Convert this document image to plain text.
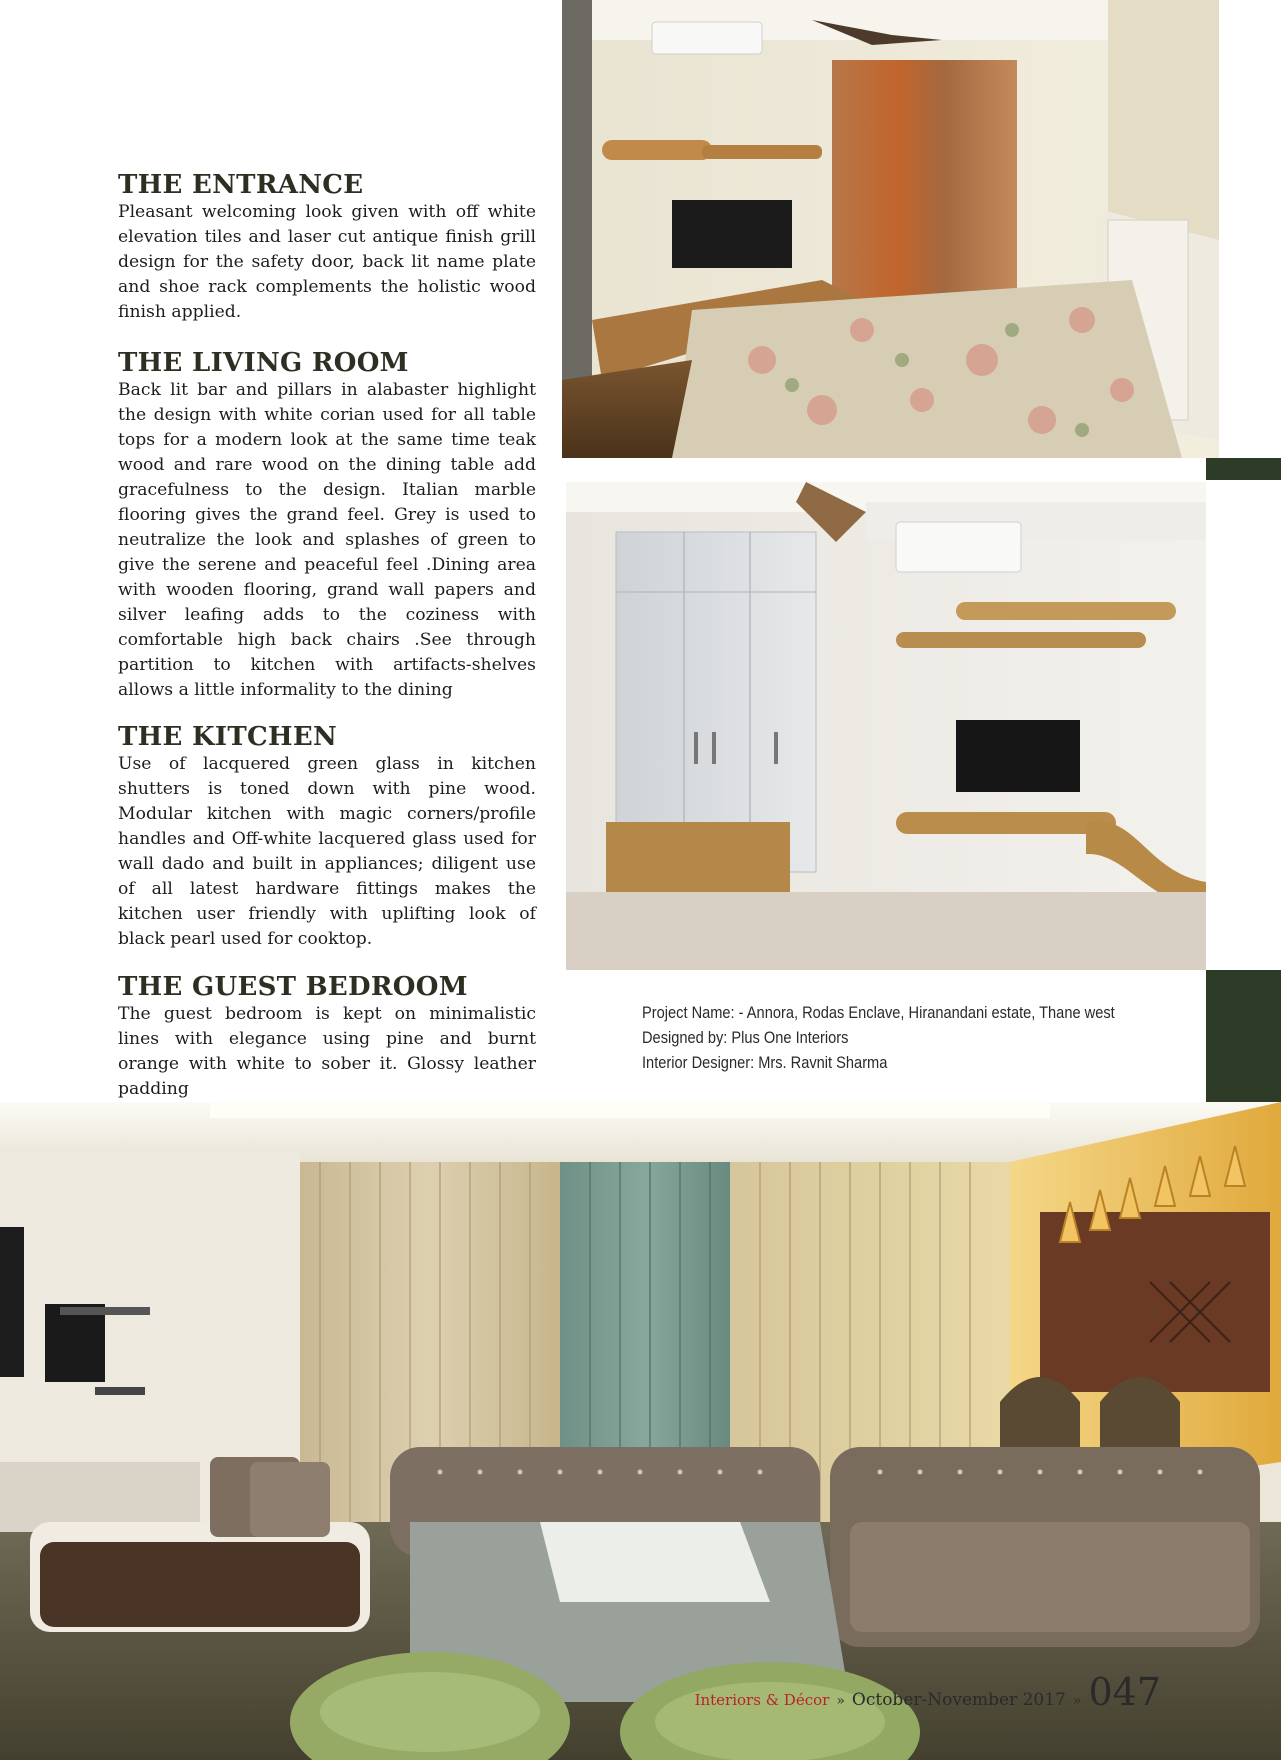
THE ENTRANCE

Pleasant welcoming look given with off white elevation tiles and laser cut antique finish grill design for the safety door, back lit name plate and shoe rack complements the holistic wood finish applied.

THE LIVING ROOM

Back lit bar and pillars in alabaster highlight the design with white corian used for all table tops for a modern look at the same time teak wood and rare wood on the dining table add gracefulness to the design. Italian marble flooring gives the grand feel. Grey is used to neutralize the look and splashes of green to give the serene and peaceful feel .Dining area with wooden flooring, grand wall papers and silver leafing adds to the coziness with comfortable high back chairs .See through partition to kitchen with artifacts-shelves allows a little informality to the dining

THE KITCHEN

Use of lacquered green glass in kitchen shutters is toned down with pine wood. Modular kitchen with magic corners/profile handles and Off-white lacquered glass used for wall dado and built in appliances; diligent use of all latest hardware fittings makes the kitchen user friendly with uplifting look of black pearl used for cooktop.

THE GUEST BEDROOM

The guest bedroom is kept on minimalistic lines with elegance using pine and burnt orange with white to sober it. Glossy leather padding

Project Name: - Annora, Rodas Enclave, Hiranandani estate, Thane west
Designed by: Plus One Interiors
Interior Designer: Mrs. Ravnit Sharma
Interiors & Décor » October-November 2017 » 047
